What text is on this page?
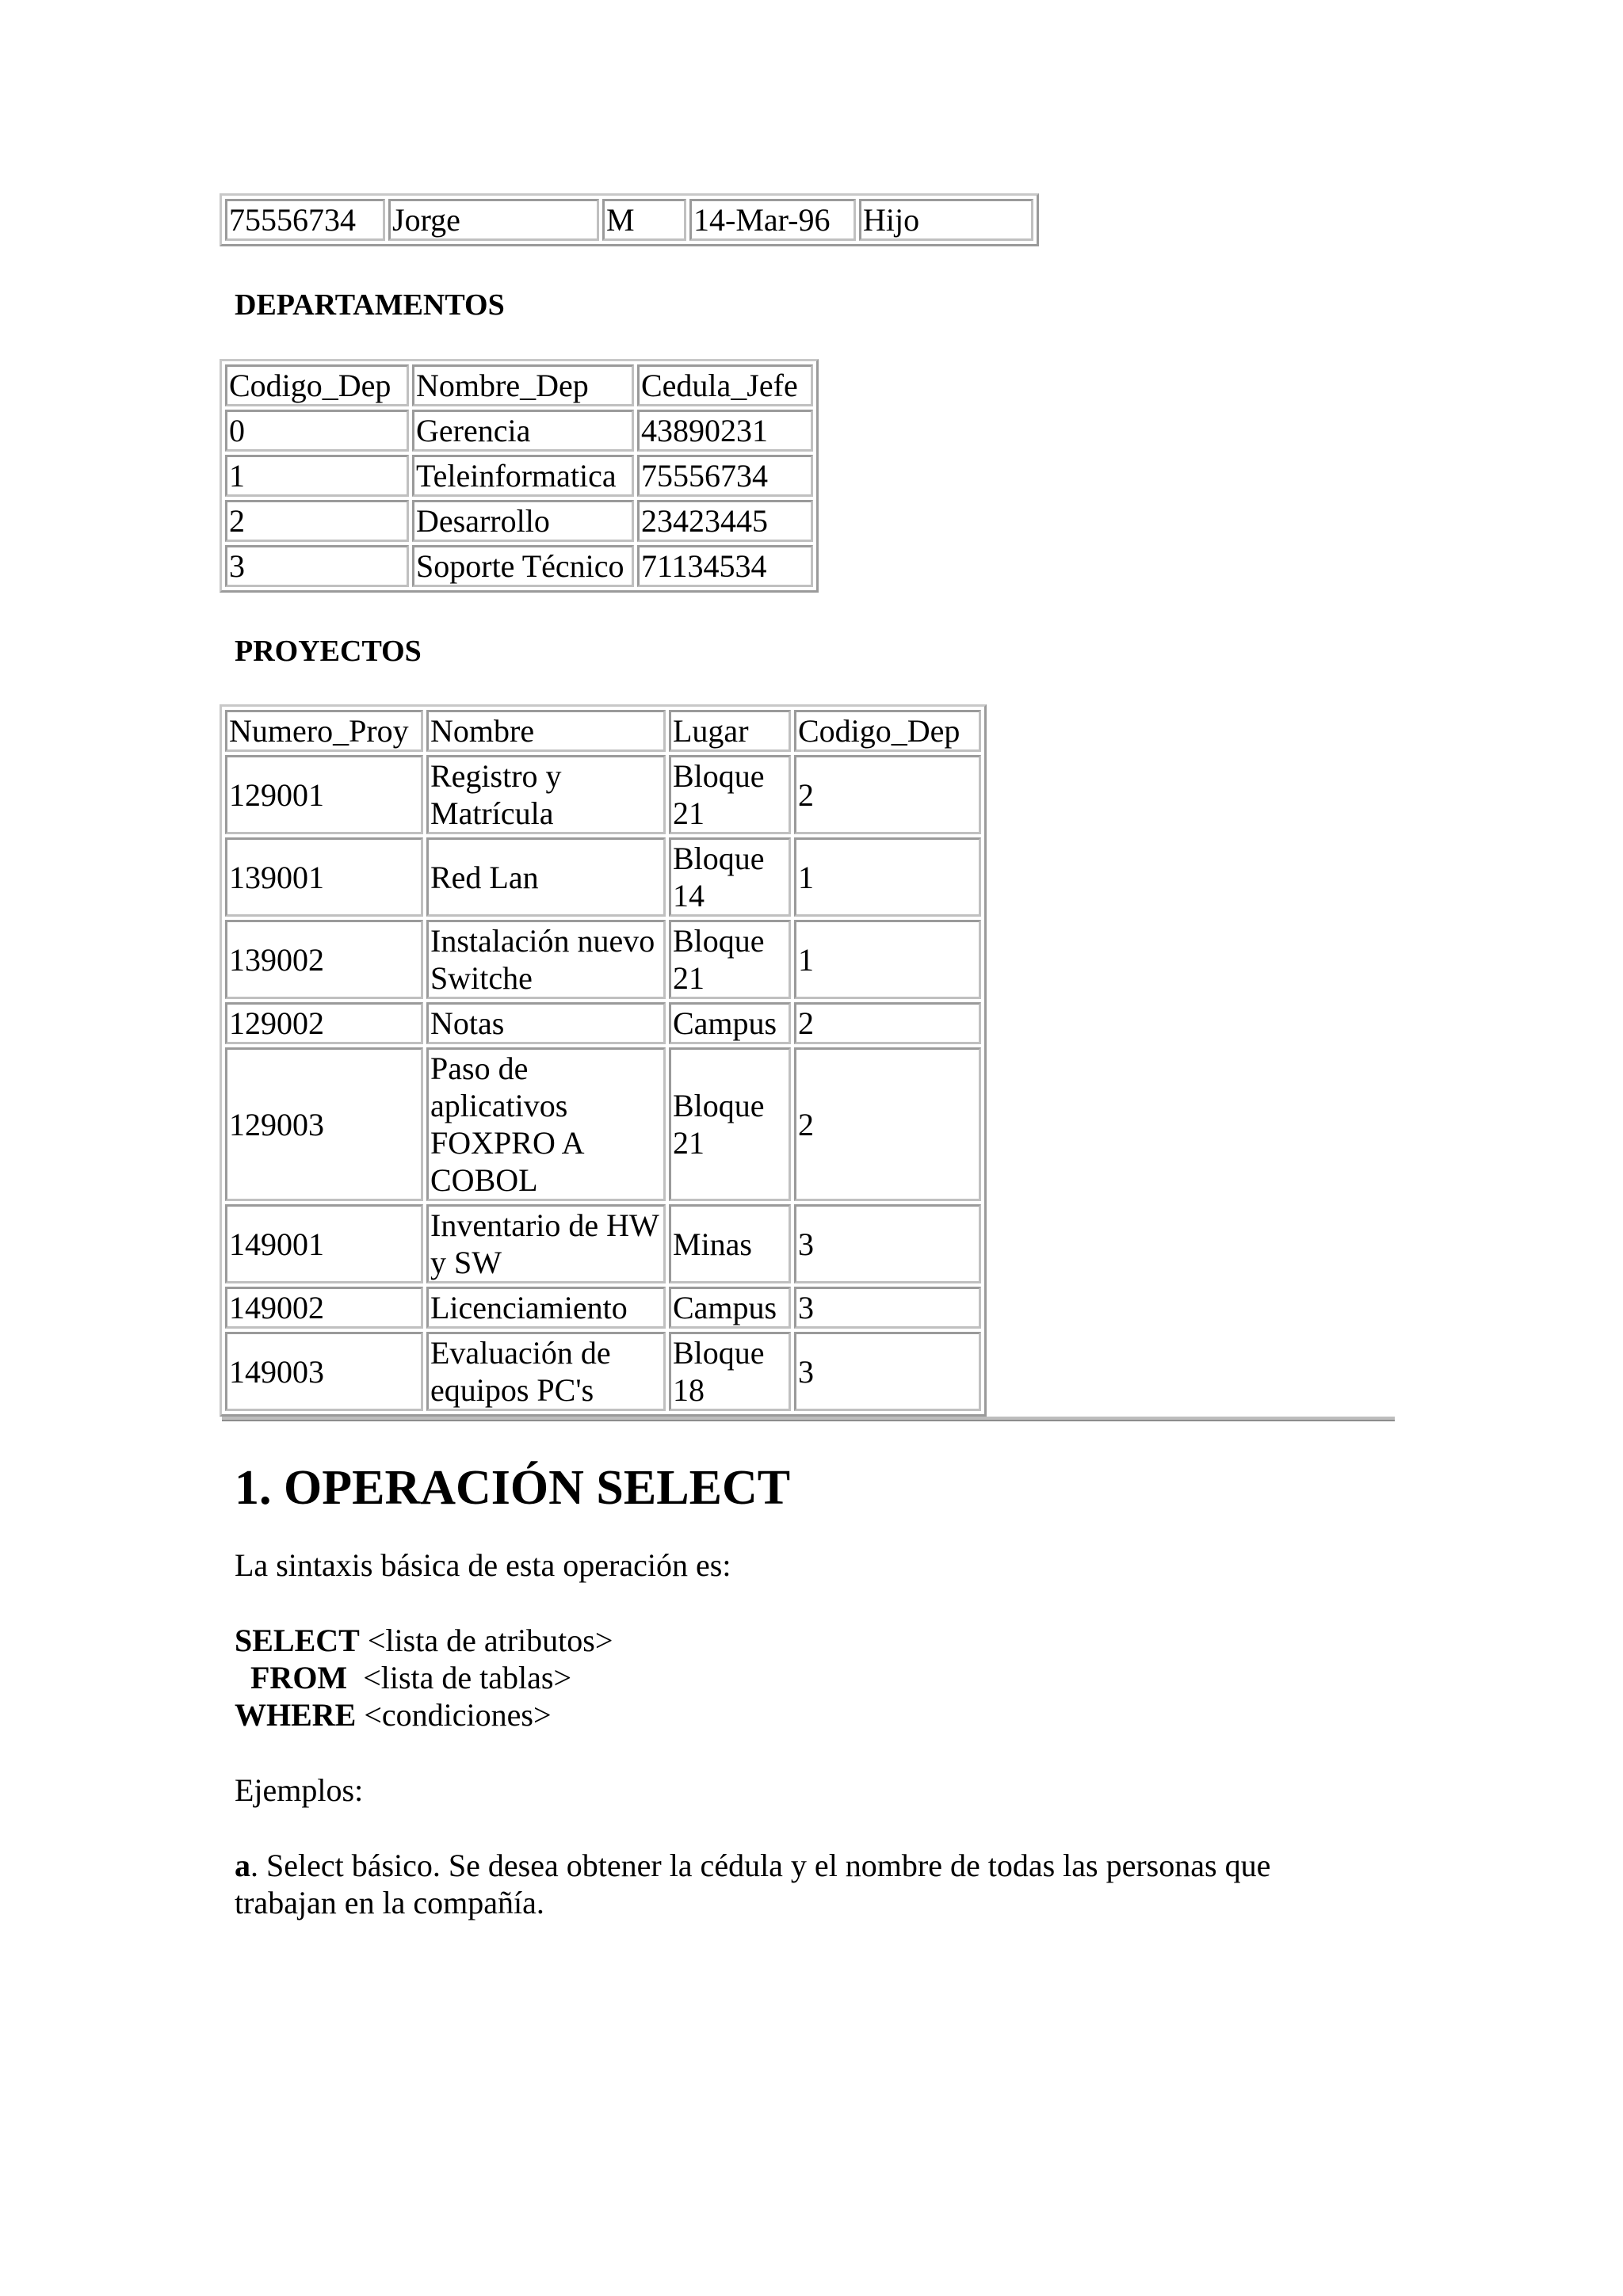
75556734	Jorge	M	14-Mar-96	Hijo
DEPARTAMENTOS
Codigo_Dep	Nombre_Dep	Cedula_Jefe
0	Gerencia	43890231
1	Teleinformatica	75556734
2	Desarrollo	23423445
3	Soporte Técnico	71134534
PROYECTOS
Numero_Proy	Nombre	Lugar	Codigo_Dep
129001	Registro y Matrícula	Bloque 21	2
139001	Red Lan	Bloque 14	1
139002	Instalación nuevo Switche	Bloque 21	1
129002	Notas	Campus	2
129003	Paso de aplicativos FOXPRO A COBOL	Bloque 21	2
149001	Inventario de HW y SW	Minas	3
149002	Licenciamiento	Campus	3
149003	Evaluación de equipos PC's	Bloque 18	3
1. OPERACIÓN SELECT
La sintaxis básica de esta operación es:
SELECT <lista de atributos>
FROM  <lista de tablas>
WHERE <condiciones>
Ejemplos:
a. Select básico. Se desea obtener la cédula y el nombre de todas las personas que trabajan en la compañía.
